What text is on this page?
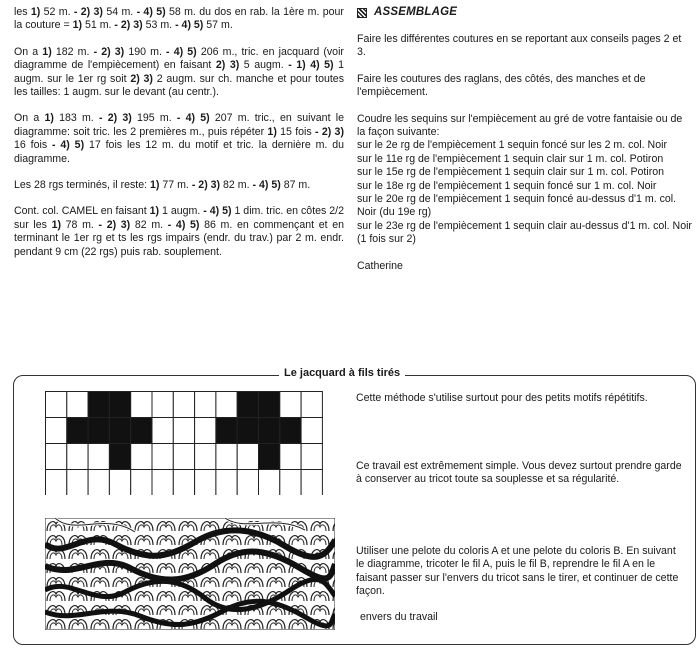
les 1) 52 m. - 2) 3) 54 m. - 4) 5) 58 m. du dos en rab. la 1ère m. pour la couture = 1) 51 m. - 2) 3) 53 m. - 4) 5) 57 m.

On a 1) 182 m. - 2) 3) 190 m. - 4) 5) 206 m., tric. en jacquard (voir diagramme de l'empiècement) en faisant 2) 3) 5 augm. - 1) 4) 5) 1 augm. sur le 1er rg soit 2) 3) 2 augm. sur ch. manche et pour toutes les tailles: 1 augm. sur le devant (au centr.).

On a 1) 183 m. - 2) 3) 195 m. - 4) 5) 207 m. tric., en suivant le diagramme: soit tric. les 2 premières m., puis répéter 1) 15 fois - 2) 3) 16 fois - 4) 5) 17 fois les 12 m. du motif et tric. la dernière m. du diagramme.

Les 28 rgs terminés, il reste: 1) 77 m. - 2) 3) 82 m. - 4) 5) 87 m.

Cont. col. CAMEL en faisant 1) 1 augm. - 4) 5) 1 dim. tric. en côtes 2/2 sur les 1) 78 m. - 2) 3) 82 m. - 4) 5) 86 m. en commençant et en terminant le 1er rg et ts les rgs impairs (endr. du trav.) par 2 m. endr. pendant 9 cm (22 rgs) puis rab. souplement.

ASSEMBLAGE

Faire les différentes coutures en se reportant aux conseils pages 2 et 3.

Faire les coutures des raglans, des côtés, des manches et de l'empiècement.

Coudre les sequins sur l'empiècement au gré de votre fantaisie ou de la façon suivante:
sur le 2e rg de l'empiècement 1 sequin foncé sur les 2 m. col. Noir
sur le 11e rg de l'empiècement 1 sequin clair sur 1 m. col. Potiron
sur le 15e rg de l'empiècement 1 sequin clair sur 1 m. col. Potiron
sur le 18e rg de l'empiècement 1 sequin foncé sur 1 m. col. Noir
sur le 20e rg de l'empiècement 1 sequin foncé au-dessus d'1 m. col. Noir (du 19e rg)
sur le 23e rg de l'empiècement 1 sequin clair au-dessus d'1 m. col. Noir (1 fois sur 2)

Catherine

Le jacquard à fils tirés
Cette méthode s'utilise surtout pour des petits motifs répétitifs.
Ce travail est extrêmement simple. Vous devez surtout prendre garde à conserver au tricot toute sa souplesse et sa régularité.
Utiliser une pelote du coloris A et une pelote du coloris B. En suivant le diagramme, tricoter le fil A, puis le fil B, reprendre le fil A en le faisant passer sur l'envers du tricot sans le tirer, et continuer de cette façon.
envers du travail
